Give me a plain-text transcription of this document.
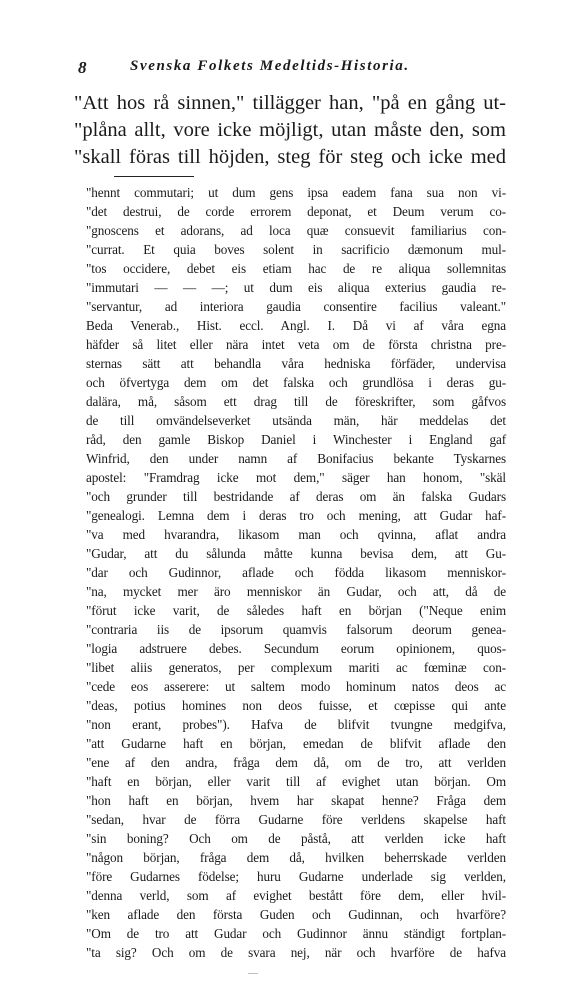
8	Svenska Folkets Medeltids-Historia.
"Att hos rå sinnen," tillägger han, "på en gång ut-
"plåna allt, vore icke möjligt, utan måste den, som
"skall föras till höjden, steg för steg och icke med
"hennt commutari; ut dum gens ipsa eadem fana sua non vi-
"det destrui, de corde errorem deponat, et Deum verum co-
"gnoscens et adorans, ad loca quæ consuevit familiarius con-
"currat. Et quia boves solent in sacrificio dæmonum mul-
"tos occidere, debet eis etiam hac de re aliqua sollemnitas
"immutari — — —; ut dum eis aliqua exterius gaudia re-
"servantur, ad interiora gaudia consentire facilius valeant."
Beda Venerab., Hist. eccl. Angl. I. Då vi af våra egna
häfder så litet eller nära intet veta om de första christna pre-
sternas sätt att behandla våra hedniska förfäder, undervisa
och öfvertyga dem om det falska och grundlösa i deras gu-
dalära, må, såsom ett drag till de föreskrifter, som gåfvos
de till omvändelseverket utsända män, här meddelas det
råd, den gamle Biskop Daniel i Winchester i England gaf
Winfrid, den under namn af Bonifacius bekante Tyskarnes
apostel: "Framdrag icke mot dem," säger han honom, "skäl
"och grunder till bestridande af deras om än falska Gudars
"genealogi. Lemna dem i deras tro och mening, att Gudar haf-
"va med hvarandra, likasom man och qvinna, aflat andra
"Gudar, att du sålunda måtte kunna bevisa dem, att Gu-
"dar och Gudinnor, aflade och födda likasom menniskor-
"na, mycket mer äro menniskor än Gudar, och att, då de
"förut icke varit, de således haft en början ("Neque enim
"contraria iis de ipsorum quamvis falsorum deorum genea-
"logia adstruere debes. Secundum eorum opinionem, quos-
"libet aliis generatos, per complexum mariti ac fœminæ con-
"cede eos asserere: ut saltem modo hominum natos deos ac
"deas, potius homines non deos fuisse, et cœpisse qui ante
"non erant, probes"). Hafva de blifvit tvungne medgifva,
"att Gudarne haft en början, emedan de blifvit aflade den
"ene af den andra, fråga dem då, om de tro, att verlden
"haft en början, eller varit till af evighet utan början. Om
"hon haft en början, hvem har skapat henne? Fråga dem
"sedan, hvar de förra Gudarne före verldens skapelse haft
"sin boning? Och om de påstå, att verlden icke haft
"någon början, fråga dem då, hvilken beherrskade verlden
"före Gudarnes födelse; huru Gudarne underlade sig verlden,
"denna verld, som af evighet bestått före dem, eller hvil-
"ken aflade den första Guden och Gudinnan, och hvarföre?
"Om de tro att Gudar och Gudinnor ännu ständigt fortplan-
"ta sig? Och om de svara nej, när och hvarföre de hafva
—
